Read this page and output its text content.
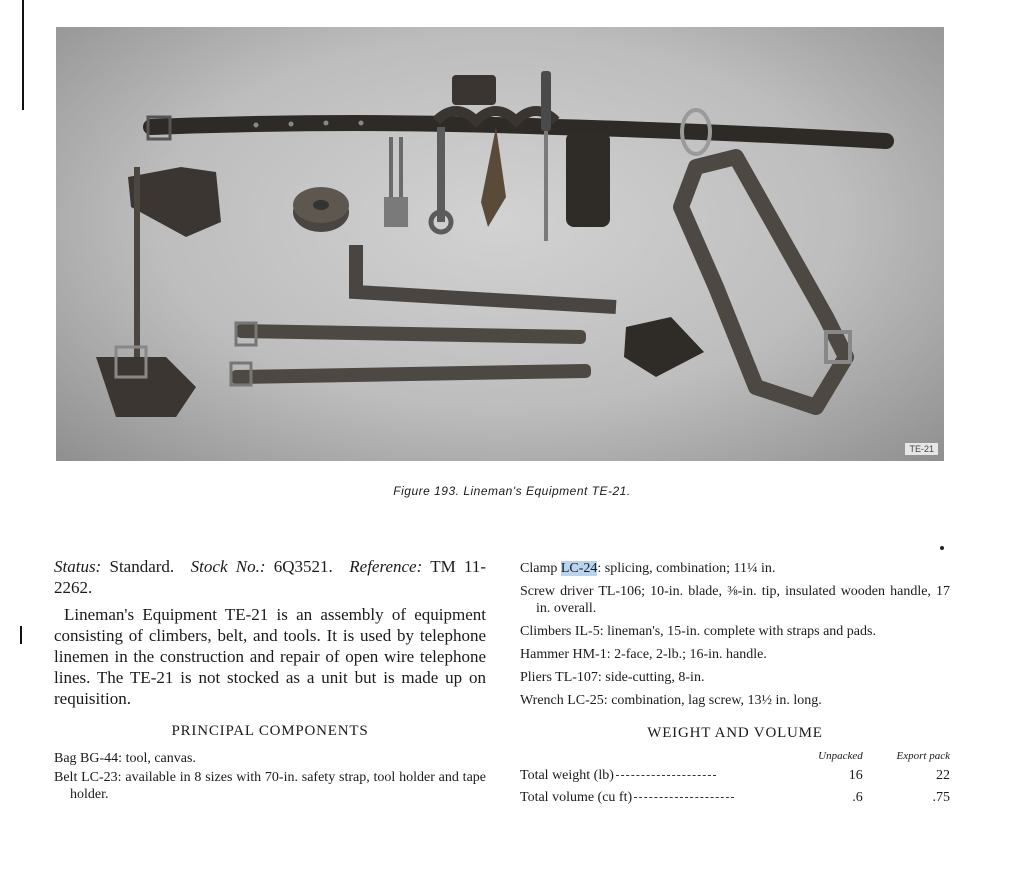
TE-21
Figure 193. Lineman's Equipment TE-21.

Status: Standard. Stock No.: 6Q3521. Reference: TM 11-2262.

Lineman's Equipment TE-21 is an assembly of equipment consisting of climbers, belt, and tools. It is used by telephone linemen in the construction and repair of open wire telephone lines. The TE-21 is not stocked as a unit but is made up on requisition.

PRINCIPAL COMPONENTS

Bag BG-44: tool, canvas.

Belt LC-23: available in 8 sizes with 70-in. safety strap, tool holder and tape holder.

Clamp LC-24: splicing, combination; 11¼ in.

Screw driver TL-106; 10-in. blade, ⅜-in. tip, insulated wooden handle, 17 in. overall.

Climbers IL-5: lineman's, 15-in. complete with straps and pads.

Hammer HM-1: 2-face, 2-lb.; 16-in. handle.

Pliers TL-107: side-cutting, 8-in.

Wrench LC-25: combination, lag screw, 13½ in. long.

WEIGHT AND VOLUME
	Unpacked	Export pack
Total weight (lb)	16	22
Total volume (cu ft)	.6	.75
